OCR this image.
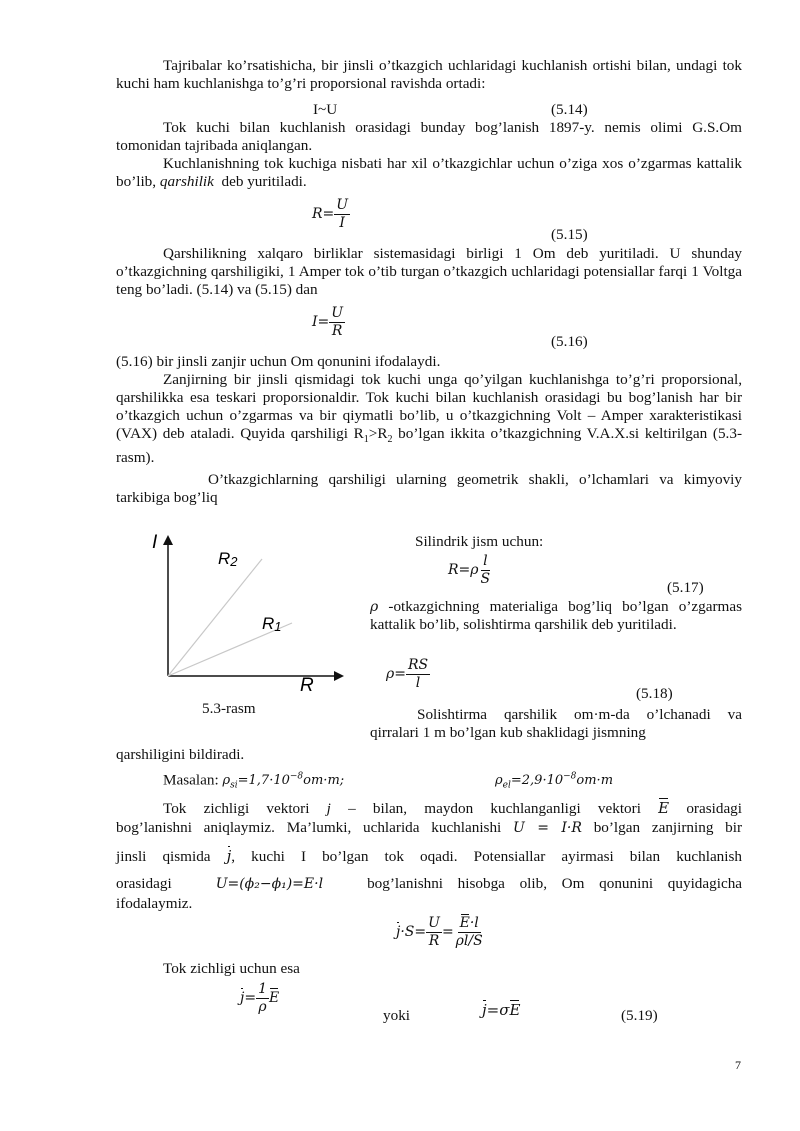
Tajribalar ko’rsatishicha, bir jinsli o’tkazgich uchlaridagi kuchlanish ortishi bilan, undagi tok kuchi ham kuchlanishga to’g’ri proporsional ravishda ortadi:

I~U	(5.14)

Tok kuchi bilan kuchlanish orasidagi bunday bog’lanish 1897-y. nemis olimi G.S.Om tomonidan tajribada aniqlangan.

Kuchlanishning tok kuchiga nisbati har xil o’tkazgichlar uchun o’ziga xos o’zgarmas kattalik bo’lib, qarshilik deb yuritiladi.

$R= \frac{U}{I}$
(5.15)

Qarshilikning xalqaro birliklar sistemasidagi birligi 1 Om deb yuritiladi. U shunday o’tkazgichning qarshiligiki, 1 Amper tok o’tib turgan o’tkazgich uchlaridagi potensiallar farqi 1 Voltga teng bo’ladi. (5.14) va (5.15) dan

$I= \frac{U}{R}$
(5.16)
(5.16) bir jinsli zanjir uchun Om qonunini ifodalaydi.

Zanjirning bir jinsli qismidagi tok kuchi unga qo’yilgan kuchlanishga to’g’ri proporsional, qarshilikka esa teskari proporsionaldir. Tok kuchi bilan kuchlanish orasidagi bu bog’lanish har bir o’tkazgich uchun o’zgarmas va bir qiymatli bo’lib, u o’tkazgichning Volt – Amper xarakteristikasi (VAX) deb ataladi. Quyida qarshiligi $R_1>R_2$ bo’lgan ikkita o’tkazgichning V.A.X.si keltirilgan (5.3-rasm).

O’tkazgichlarning qarshiligi ularning geometrik shakli, o’lchamlari va kimyoviy tarkibiga bog’liq

I
R2
R1
R
5.3-rasm
Silindrik jism uchun:
$R=\rho \frac{l}{S}$	(5.17)

ρ -otkazgichning materialiga bog’liq bo’lgan o’zgarmas kattalik bo’lib, solishtirma qarshilik deb yuritiladi.

$\rho= \frac{RS}{l}$
(5.18)

Solishtirma qarshilik om·m-da o’lchanadi va qirralari 1 m bo’lgan kub shaklidagi jismning

qarshiligini bildiradi.
Masalan: $\rho_{si}=1,7\cdot 10^{-8}om\cdot m$;	$\rho_{el}=2,9\cdot 10^{-8}om\cdot m$

Tok zichligi vektori j – bilan, maydon kuchlanganligi vektori E orasidagi

bog’lanishni aniqlaymiz. Ma’lumki, uchlarida kuchlanishi U = I·R bo’lgan zanjirning bir

jinsli qismida j, kuchi I bo’lgan tok oqadi. Potensiallar ayirmasi bilan kuchlanish

orasidagi	U=(ϕ₂−ϕ₁)=E·l	bog’lanishni hisobga olib, Om qonunini quyidagicha

ifodalaymiz.
$j\cdot S= \frac{U}{R} = \frac{E\cdot l}{\rho l/S}$
Tok zichligi uchun esa
$j= \frac{1}{\rho}$ E
yoki	j=σE	(5.19)
7
